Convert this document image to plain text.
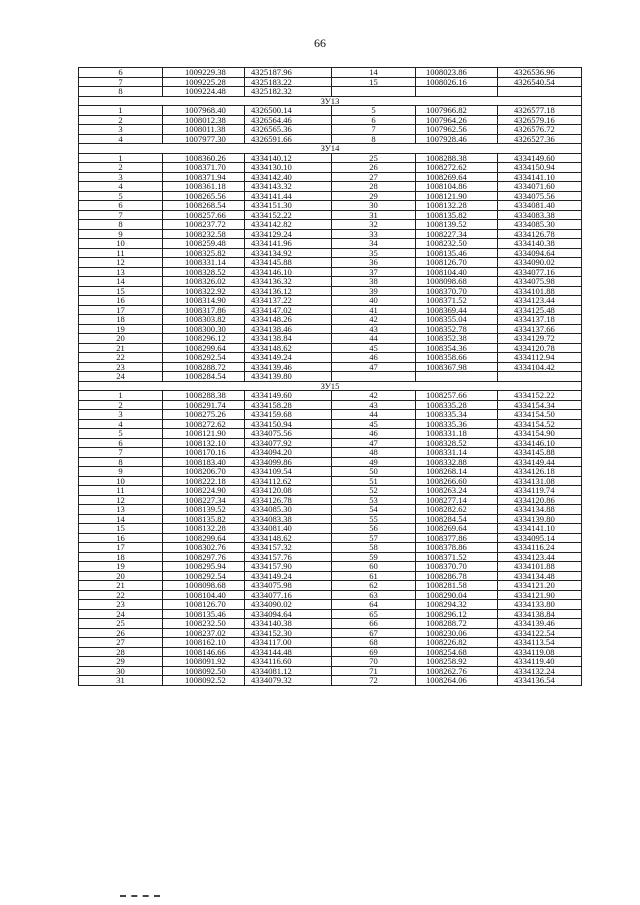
66
6	1009229.38	4325187.96	14	1008023.86	4326536.96
7	1009225.28	4325183.22	15	1008026.16	4326540.54
8	1009224.48	4325182.32			
ЗУ13					
1	1007968.40	4326500.14	5	1007966.82	4326577.18
2	1008012.38	4326564.46	6	1007964.26	4326579.16
3	1008011.38	4326565.36	7	1007962.56	4326576.72
4	1007977.30	4326591.66	8	1007928.46	4326527.36
ЗУ14					
1	1008360.26	4334140.12	25	1008288.38	4334149.60
2	1008371.70	4334130.10	26	1008272.62	4334150.94
3	1008371.94	4334142.40	27	1008269.64	4334141.10
4	1008361.18	4334143.32	28	1008104.86	4334071.60
5	1008265.56	4334141.44	29	1008121.90	4334075.56
6	1008268.54	4334151.30	30	1008132.28	4334081.40
7	1008257.66	4334152.22	31	1008135.82	4334083.38
8	1008237.72	4334142.82	32	1008139.52	4334085.30
9	1008232.58	4334129.24	33	1008227.34	4334126.78
10	1008259.48	4334141.96	34	1008232.50	4334140.38
11	1008325.82	4334134.92	35	1008135.46	4334094.64
12	1008331.14	4334145.88	36	1008126.70	4334090.02
13	1008328.52	4334146.10	37	1008104.40	4334077.16
14	1008326.02	4334136.32	38	1008098.68	4334075.98
15	1008322.92	4334136.12	39	1008370.70	4334101.88
16	1008314.90	4334137.22	40	1008371.52	4334123.44
17	1008317.86	4334147.02	41	1008369.44	4334125.48
18	1008303.82	4334148.26	42	1008355.04	4334137.18
19	1008300.30	4334138.46	43	1008352.78	4334137.66
20	1008296.12	4334138.84	44	1008352.38	4334129.72
21	1008299.64	4334148.62	45	1008354.36	4334120.78
22	1008292.54	4334149.24	46	1008358.66	4334112.94
23	1008288.72	4334139.46	47	1008367.98	4334104.42
24	1008284.54	4334139.80			
ЗУ15					
1	1008288.38	4334149.60	42	1008257.66	4334152.22
2	1008291.74	4334158.28	43	1008335.28	4334154.34
3	1008275.26	4334159.68	44	1008335.34	4334154.50
4	1008272.62	4334150.94	45	1008335.36	4334154.52
5	1008121.90	4334075.56	46	1008331.18	4334154.90
6	1008132.10	4334077.92	47	1008328.52	4334146.10
7	1008170.16	4334094.20	48	1008331.14	4334145.88
8	1008183.40	4334099.86	49	1008332.88	4334149.44
9	1008206.70	4334109.54	50	1008268.14	4334126.18
10	1008222.18	4334112.62	51	1008266.60	4334131.08
11	1008224.90	4334120.08	52	1008263.24	4334119.74
12	1008227.34	4334126.78	53	1008277.14	4334120.86
13	1008139.52	4334085.30	54	1008282.62	4334134.88
14	1008135.82	4334083.38	55	1008284.54	4334139.80
15	1008132.28	4334081.40	56	1008269.64	4334141.10
16	1008299.64	4334148.62	57	1008377.86	4334095.14
17	1008302.76	4334157.32	58	1008378.86	4334116.24
18	1008297.76	4334157.76	59	1008371.52	4334123.44
19	1008295.94	4334157.90	60	1008370.70	4334101.88
20	1008292.54	4334149.24	61	1008286.78	4334134.48
21	1008098.68	4334075.98	62	1008281.58	4334121.20
22	1008104.40	4334077.16	63	1008290.04	4334121.90
23	1008126.70	4334090.02	64	1008294.32	4334133.80
24	1008135.46	4334094.64	65	1008296.12	4334138.84
25	1008232.50	4334140.38	66	1008288.72	4334139.46
26	1008237.02	4334152.30	67	1008230.06	4334122.54
27	1008162.10	4334117.00	68	1008226.82	4334113.54
28	1008146.66	4334144.48	69	1008254.68	4334119.08
29	1008091.92	4334116.60	70	1008258.92	4334119.40
30	1008092.50	4334081.12	71	1008262.76	4334132.24
31	1008092.52	4334079.32	72	1008264.06	4334136.54
